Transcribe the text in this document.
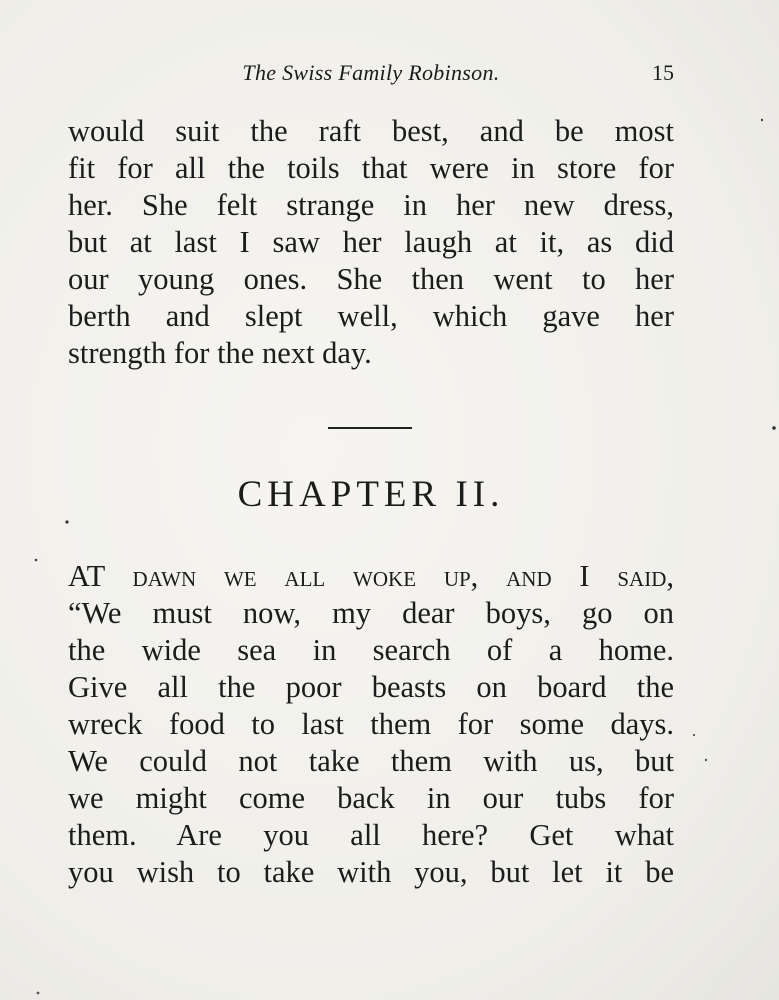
The Swiss Family Robinson.	15
would suit the raft best, and be most
fit for all the toils that were in store for
her. She felt strange in her new dress,
but at last I saw her laugh at it, as did
our young ones. She then went to her
berth and slept well, which gave her
strength for the next day.
CHAPTER II.
AT dawn we all woke up, and I said,
“We must now, my dear boys, go on
the wide sea in search of a home.
Give all the poor beasts on board the
wreck food to last them for some days.
We could not take them with us, but
we might come back in our tubs for
them. Are you all here? Get what
you wish to take with you, but let it be
